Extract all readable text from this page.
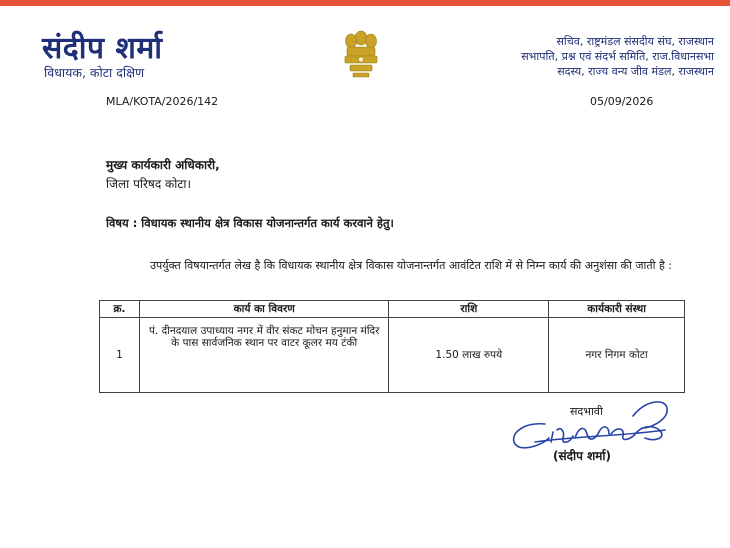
संदीप शर्मा
विधायक, कोटा दक्षिण
सचिव, राष्ट्रमंडल संसदीय संघ, राजस्थान
सभापति, प्रश्न एवं संदर्भ समिति, राज.विधानसभा
सदस्य, राज्य वन्य जीव मंडल, राजस्थान
MLA/KOTA/2026/142	05/09/2026
मुख्य कार्यकारी अधिकारी,
जिला परिषद कोटा।
विषय : विधायक स्थानीय क्षेत्र विकास योजनान्तर्गत कार्य करवाने हेतु।
उपर्युक्त विषयान्तर्गत लेख है कि विधायक स्थानीय क्षेत्र विकास योजनान्तर्गत आवंटित राशि में से निम्न कार्य की अनुशंसा की जाती है :
क्र.	कार्य का विवरण	राशि	कार्यकारी संस्था
1	पं. दीनदयाल उपाध्याय नगर में वीर संकट मोचन हनुमान मंदिर के पास सार्वजनिक स्थान पर वाटर कूलर मय टंकी	1.50 लाख रुपये	नगर निगम कोटा
सदभावी
(संदीप शर्मा)
